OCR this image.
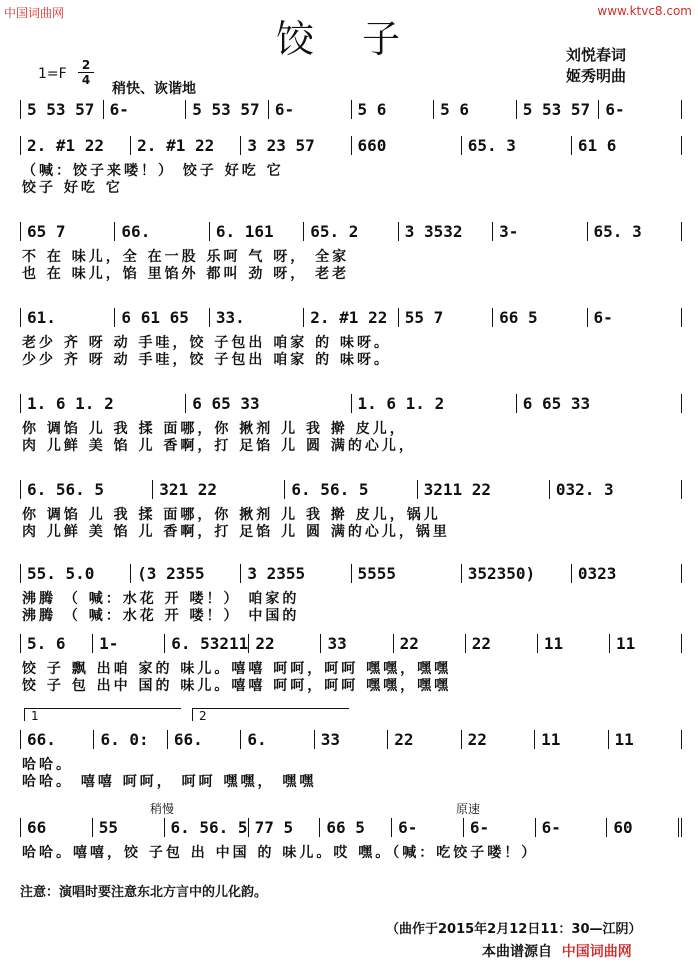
中国词曲网	www.ktvc8.com
饺子	刘悦春词
姬秀明曲
1=F
2
4
稍快、诙谐地
5 53 57 6-	5 53 57 6-	5 6	5 6	5 53 57 6-
2. #1 22	2. #1 22	3 23 57	660	65. 3	61 6
（喊：饺子来喽！） 饺子 好吃 它
饺子 好吃 它
65 7	66.	6. 161	65. 2	3 3532	3-	65. 3
不 在 味儿，全 在一股 乐呵 气 呀， 全家
也 在 味儿，馅 里馅外 都叫 劲 呀， 老老
61.	6 61 65	33.	2. #1 22	55 7	66 5	6-
老少 齐 呀 动 手哇，饺 子包出 咱家 的 味呀。
少少 齐 呀 动 手哇，饺 子包出 咱家 的 味呀。
1. 6 1. 2	6 65 33	1. 6 1. 2	6 65 33
你 调馅 儿 我 揉 面哪，你 揪剂 儿 我 擀 皮儿，
肉 儿鲜 美 馅 儿 香啊，打 足馅 儿 圆 满的心儿，
6. 56. 5	321 22	6. 56. 5	3211 22	032. 3
你 调馅 儿 我 揉 面哪，你 揪剂 儿 我 擀 皮儿，锅儿
肉 儿鲜 美 馅 儿 香啊，打 足馅 儿 圆 满的心儿，锅里
55. 5.0	(3 2355	3 2355	5555	352350)	0323
沸腾 （ 喊：水花 开 喽！） 咱家的
沸腾 （ 喊：水花 开 喽！） 中国的
5. 6	1-	6. 53211 22	33	22	22	11	11
饺 子 飘 出咱 家的 味儿。嘻嘻 呵呵，呵呵 嘿嘿，嘿嘿
饺 子 包 出中 国的 味儿。嘻嘻 呵呵，呵呵 嘿嘿，嘿嘿
1	2
66.	6. 0:	66.	6.	33	22	22	11	11
哈哈。
哈哈。 嘻嘻 呵呵， 呵呵 嘿嘿， 嘿嘿
稍慢	原速
66	55	6. 56. 5 77 5	66 5	6-	6-	6-	60
哈哈。嘻嘻，饺 子包 出 中国 的 味儿。哎 嘿。（喊：吃饺子喽！）
注意：演唱时要注意东北方言中的儿化韵。
（曲作于2015年2月12日11：30—江阴）
本曲谱源自 中国词曲网
